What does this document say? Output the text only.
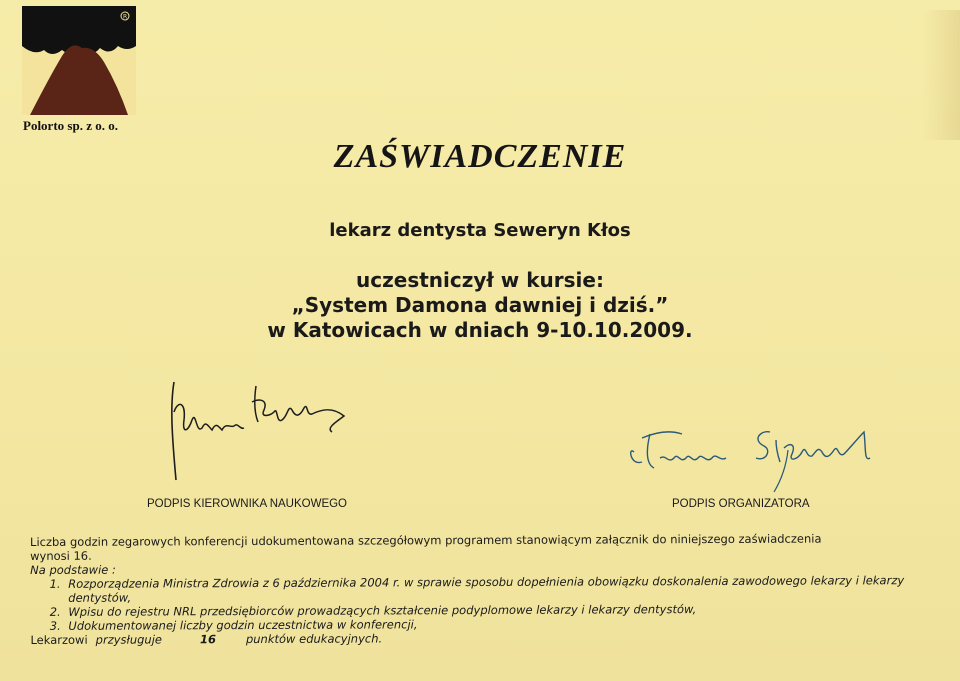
R
Polorto sp. z o. o.
ZAŚWIADCZENIE
lekarz dentysta Seweryn Kłos
uczestniczył w kursie:
„System Damona dawniej i dziś.”
w Katowicach w dniach 9-10.10.2009.
PODPIS KIEROWNIKA NAUKOWEGO	PODPIS ORGANIZATORA
Liczba godzin zegarowych konferencji udokumentowana szczegółowym programem stanowiącym załącznik do niniejszego zaświadczenia
wynosi 16.
Na podstawie :
1. Rozporządzenia Ministra Zdrowia z 6 października 2004 r. w sprawie sposobu dopełnienia obowiązku doskonalenia zawodowego lekarzy i lekarzy dentystów,
2. Wpisu do rejestru NRL przedsiębiorców prowadzących kształcenie podyplomowe lekarzy i lekarzy dentystów,
3. Udokumentowanej liczby godzin uczestnictwa w konferencji,
Lekarzowi przysługuje	16	punktów edukacyjnych.
